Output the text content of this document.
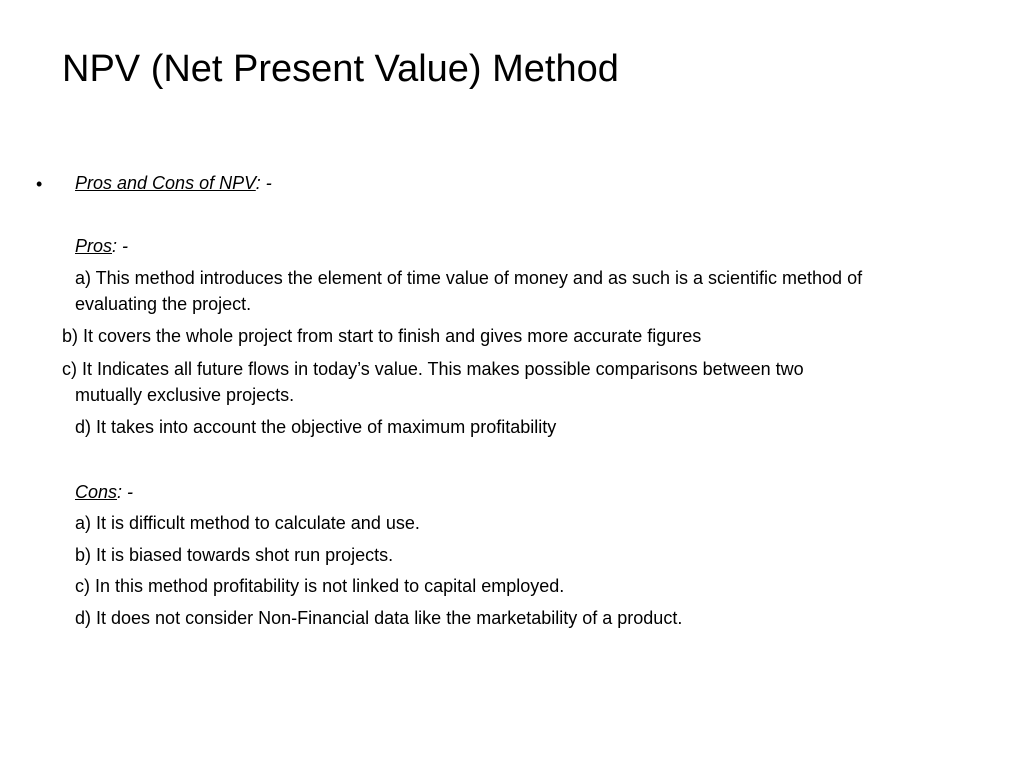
NPV (Net Present Value) Method
• Pros and Cons of NPV: -
Pros: -
a) This method introduces the element of time value of money and as such is a scientific method of
evaluating the project.
b) It covers the whole project from start to finish and gives more accurate figures
c) It Indicates all future flows in today’s value. This makes possible comparisons between two
mutually exclusive projects.
d) It takes into account the objective of maximum profitability
Cons: -
a) It is difficult method to calculate and use.
b) It is biased towards shot run projects.
c) In this method profitability is not linked to capital employed.
d) It does not consider Non-Financial data like the marketability of a product.
